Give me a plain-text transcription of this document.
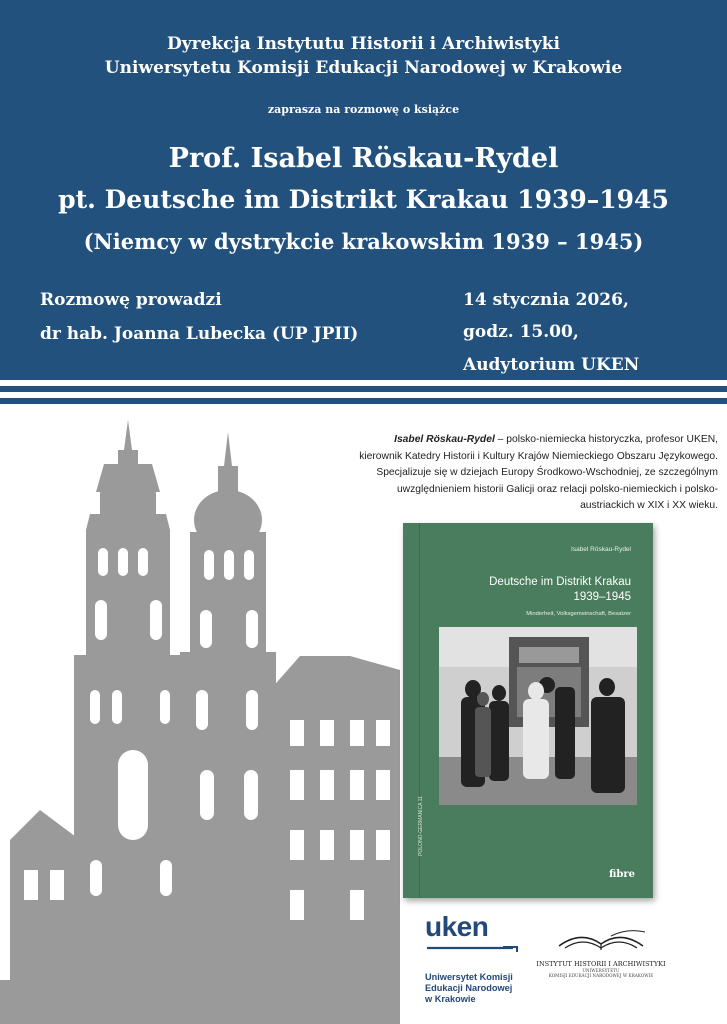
Dyrekcja Instytutu Historii i Archiwistyki
Uniwersytetu Komisji Edukacji Narodowej w Krakowie
zaprasza na rozmowę o książce
Prof. Isabel Röskau-Rydel
pt. Deutsche im Distrikt Krakau 1939–1945
(Niemcy w dystrykcie krakowskim 1939 – 1945)
Rozmowę prowadzi
dr hab. Joanna Lubecka (UP JPII)
14 stycznia 2026,
godz. 15.00,
Audytorium UKEN
Isabel Röskau-Rydel – polsko-niemiecka historyczka, profesor UKEN, kierownik Katedry Historii i Kultury Krajów Niemieckiego Obszaru Językowego. Specjalizuje się w dziejach Europy Środkowo-Wschodniej, ze szczególnym uwzględnieniem historii Galicji oraz relacji polsko-niemieckich i polsko-austriackich w XIX i XX wieku.
POLONO-GERMANICA 11
Isabel Röskau-Rydel
Deutsche im Distrikt Krakau
1939–1945
Minderheit, Volksgemeinschaft, Besatzer
fibre
uken
Uniwersytet Komisji
Edukacji Narodowej
w Krakowie
INSTYTUT HISTORII I ARCHIWISTYKI
UNIWERSYTETU
KOMISJI EDUKACJI NARODOWEJ W KRAKOWIE
